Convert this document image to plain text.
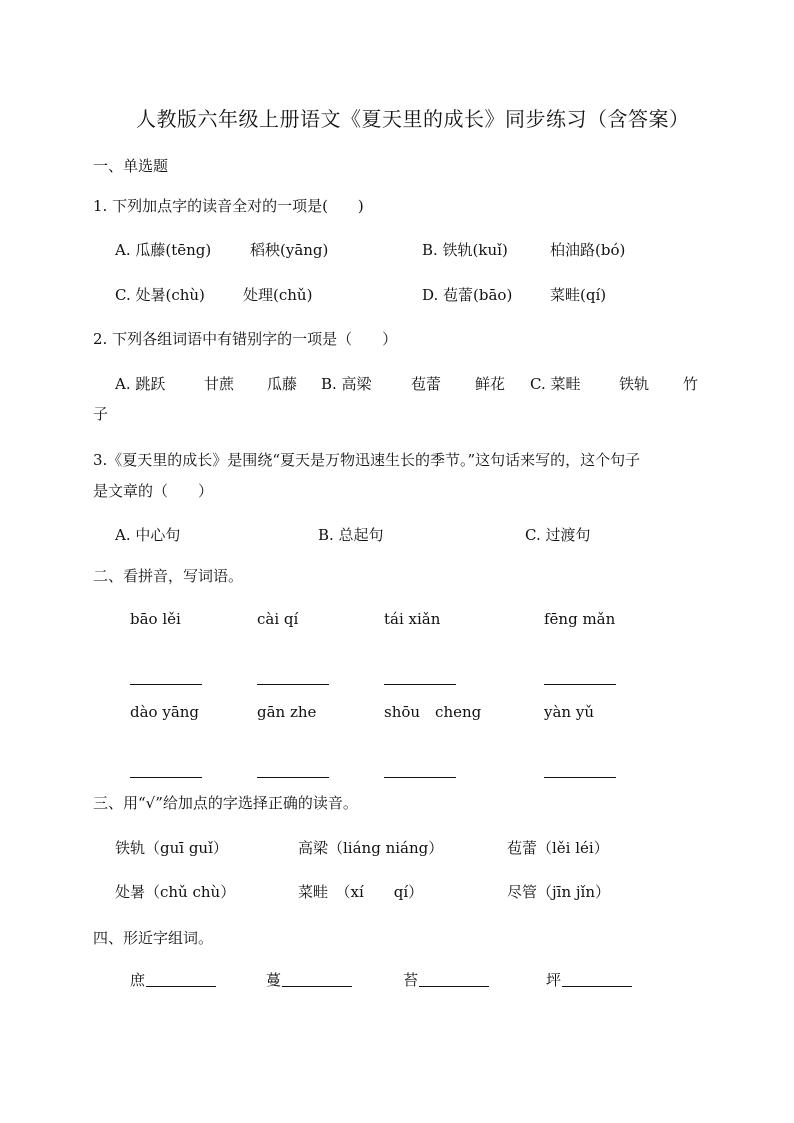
人教版六年级上册语文《夏天里的成长》同步练习（含答案）
一、单选题
1. 下列加点字的读音全对的一项是(　　)
A. 瓜藤(tēng)	稻秧(yāng)	B. 铁轨(kuǐ)	柏油路(bó)
C. 处暑(chù)	处理(chǔ)	D. 苞蕾(bāo)	菜畦(qí)
2. 下列各组词语中有错别字的一项是（　　）
A. 跳跃	甘蔗 瓜藤 B. 高梁	苞蕾 鲜花 C. 菜畦	铁轨 竹
子
3.《夏天里的成长》是围绕“夏天是万物迅速生长的季节。”这句话来写的，这个句子
是文章的（　　）
A. 中心句	B. 总起句	C. 过渡句
二、看拼音，写词语。
bāo lěi	cài qí	tái xiǎn	fēng mǎn
dào yāng	gān zhe	shōu　cheng	yàn yǔ
三、用“√”给加点的字选择正确的读音。
铁轨（guī guǐ）	高梁（liáng niáng）	苞蕾（lěi léi）
处暑（chǔ chù）	菜畦　（xí　　qí）	尽管（jīn jǐn）
四、形近字组词。
庶	蔓	苔	坪
